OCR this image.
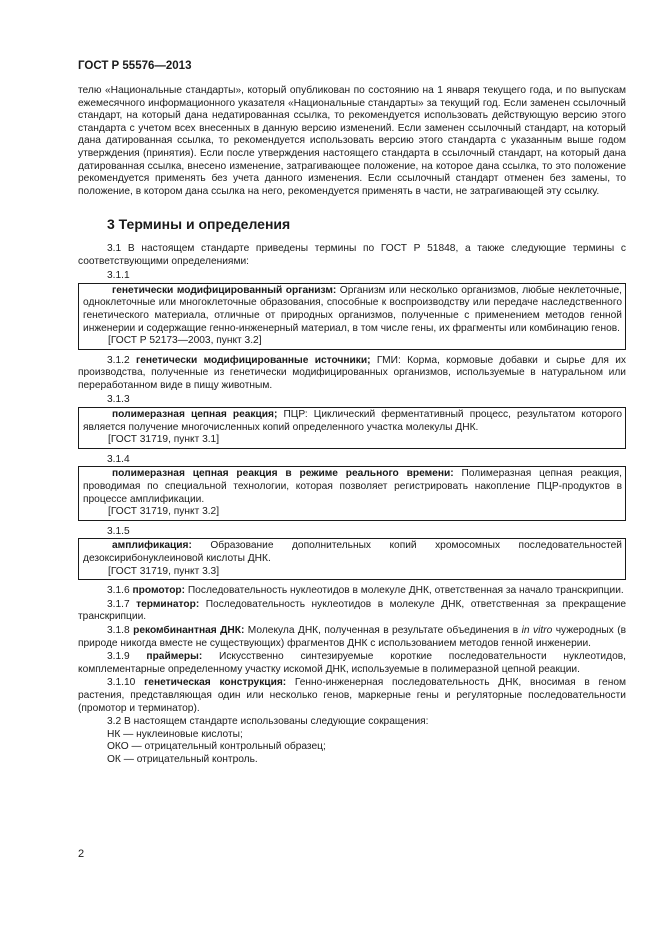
ГОСТ Р 55576—2013

телю «Национальные стандарты», который опубликован по состоянию на 1 января текущего года, и по выпускам ежемесячного информационного указателя «Национальные стандарты» за текущий год. Если заменен ссылочный стандарт, на который дана недатированная ссылка, то рекомендуется использовать действующую версию этого стандарта с учетом всех внесенных в данную версию изменений. Если заменен ссылочный стандарт, на который дана датированная ссылка, то рекомендуется использовать версию этого стандарта с указанным выше годом утверждения (принятия). Если после утверждения настоящего стандарта в ссылочный стандарт, на который дана датированная ссылка, внесено изменение, затрагивающее положение, на которое дана ссылка, то это положение рекомендуется применять без учета данного изменения. Если ссылочный стандарт отменен без замены, то положение, в котором дана ссылка на него, рекомендуется применять в части, не затрагивающей эту ссылку.

3 Термины и определения

3.1 В настоящем стандарте приведены термины по ГОСТ Р 51848, а также следующие термины с соответствующими определениями:

3.1.1

генетически модифицированный организм: Организм или несколько организмов, любые неклеточные, одноклеточные или многоклеточные образования, способные к воспроизводству или передаче наследственного генетического материала, отличные от природных организмов, полученные с применением методов генной инженерии и содержащие генно-инженерный материал, в том числе гены, их фрагменты или комбинацию генов.

[ГОСТ Р 52173—2003, пункт 3.2]

3.1.2 генетически модифицированные источники; ГМИ: Корма, кормовые добавки и сырье для их производства, полученные из генетически модифицированных организмов, используемые в натуральном или переработанном виде в пищу животным.

3.1.3

полимеразная цепная реакция; ПЦР: Циклический ферментативный процесс, результатом которого является получение многочисленных копий определенного участка молекулы ДНК.

[ГОСТ 31719, пункт 3.1]
3.1.4

полимеразная цепная реакция в режиме реального времени: Полимеразная цепная реакция, проводимая по специальной технологии, которая позволяет регистрировать накопление ПЦР-продуктов в процессе амплификации.

[ГОСТ 31719, пункт 3.2]
3.1.5

амплификация: Образование дополнительных копий хромосомных последовательностей дезоксирибонуклеиновой кислоты ДНК.

[ГОСТ 31719, пункт 3.3]

3.1.6 промотор: Последовательность нуклеотидов в молекуле ДНК, ответственная за начало транскрипции.

3.1.7 терминатор: Последовательность нуклеотидов в молекуле ДНК, ответственная за прекращение транскрипции.

3.1.8 рекомбинантная ДНК: Молекула ДНК, полученная в результате объединения в in vitro чужеродных (в природе никогда вместе не существующих) фрагментов ДНК с использованием методов генной инженерии.

3.1.9 праймеры: Искусственно синтезируемые короткие последовательности нуклеотидов, комплементарные определенному участку искомой ДНК, используемые в полимеразной цепной реакции.

3.1.10 генетическая конструкция: Генно-инженерная последовательность ДНК, вносимая в геном растения, представляющая один или несколько генов, маркерные гены и регуляторные последовательности (промотор и терминатор).

3.2 В настоящем стандарте использованы следующие сокращения:

НК — нуклеиновые кислоты;
ОКО — отрицательный контрольный образец;
ОК — отрицательный контроль.
2
